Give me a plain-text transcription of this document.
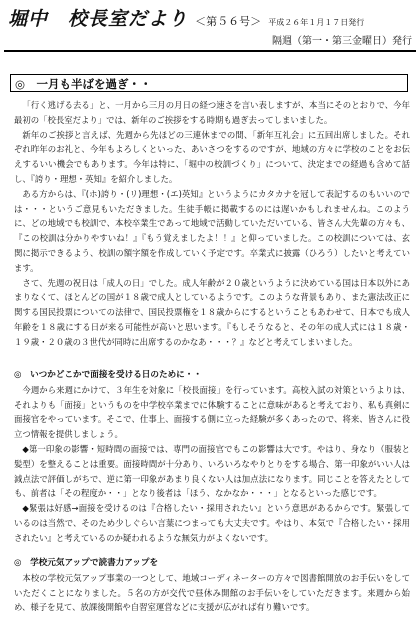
堀中　校長室だより ＜第５６号＞ 平成２６年１月１７日発行
隔週（第一・第三金曜日）発行
◎　一月も半ばを過ぎ・・

「行く逃げる去る」と、一月から三月の月日の経つ速さを言い表しますが、本当にそのとおりで、今年最初の「校長室だより」では、新年のご挨拶をする時期も過ぎ去ってしまいました。

新年のご挨拶と言えば、先週から先ほどの三連休までの間、「新年互礼会」に五回出席しました。それぞれ昨年のお礼と、今年もよろしくといった、あいさつをするのですが、地域の方々に学校のことをお伝えするいい機会でもあります。今年は特に、「堀中の校訓づくり」について、決定までの経過も含めて話し、『誇り・理想・英知』を紹介しました。

ある方からは、『(ホ)誇り・(リ)理想・(エ)英知』というようにカタカナを冠して表記するのもいいのでは・・・というご意見もいただきました。生徒手帳に掲載するのには遅いかもしれませんね。このように、どの地域でも校訓で、本校卒業生であって地域で活動していただいている、皆さん大先輩の方々も、『この校訓は分かりやすいね！』『もう覚えましたよ！！』と仰っていました。この校訓については、玄関に掲示できるよう、校訓の額字額を作成していく予定です。卒業式に披露（ひろう）したいと考えています。

さて、先週の祝日は「成人の日」でした。成人年齢が２０歳というように決めている国は日本以外にあまりなくて、ほとんどの国が１８歳で成人としているようです。このような背景もあり、また憲法改正に関する国民投票についての法律で、国民投票権を１８歳からにするということもあわせて、日本でも成人年齢を１８歳にする日が来る可能性が高いと思います。『もしそうなると、その年の成人式には１８歳・１９歳・２０歳の３世代が同時に出席するのかなあ・・・？』などと考えてしまいました。

◎　いつかどこかで面接を受ける日のために・・

今週から来週にかけて、３年生を対象に「校長面接」を行っています。高校入試の対策というよりは、それよりも「面接」というものを中学校卒業までに体験することに意味があると考えており、私も真剣に面接官をやっています。そこで、仕事上、面接する側に立った経験が多くあったので、将来、皆さんに役立つ情報を提供しましょう。

◆第一印象の影響・短時間の面接では、専門の面接官でもこの影響は大です。やはり、身なり（服装と髪型）を整えることは重要。面接時間が十分あり、いろいろなやりとりをする場合、第一印象がいい人は減点法で評価しがちで、逆に第一印象があまり良くない人は加点法になります。同じことを答えたとしても、前者は「その程度か・・」となり後者は「ほう、なかなか・・・」となるといった感じです。

◆緊張は好感→面接を受けるのは『合格したい・採用されたい』という意思があるからです。緊張しているのは当然で、そのため少しぐらい言葉につまっても大丈夫です。やはり、本気で『合格したい・採用されたい』と考えているのか疑われるような無気力がよくないです。

◎　学校元気アップで読書力アップを

本校の学校元気アップ事業の一つとして、地域コーディネーターの方々で図書館開放のお手伝いをしていただくことになりました。５名の方が交代で昼休み開館のお手伝いをしていただきます。来週から始め、様子を見て、放課後開館や自習室運営などに支援が広がれば有り難いです。
